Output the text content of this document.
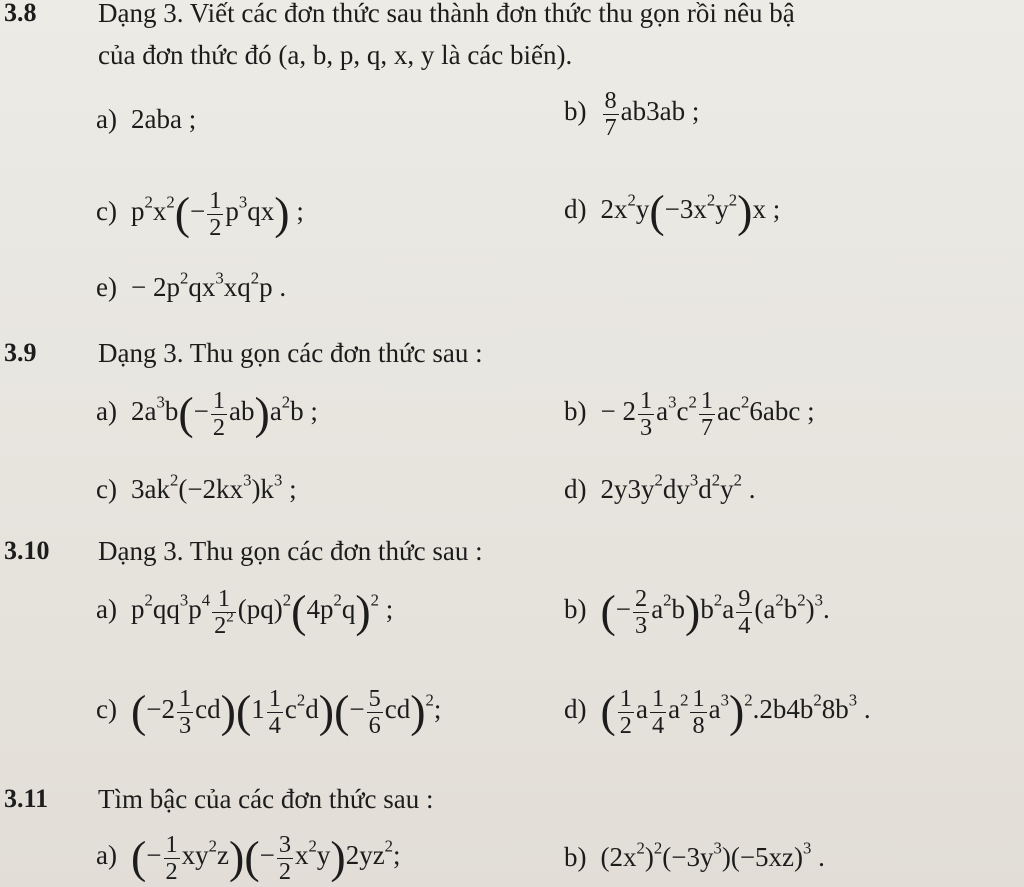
3.8 Dạng 3. Viết các đơn thức sau thành đơn thức thu gọn rồi nêu bậ
của đơn thức đó (a, b, p, q, x, y là các biến).
a) 2aba ;	$b) \frac{8}{7} ab3ab$ ;
c) $p^2x^2(- \frac{1}{2} p^3qx)$ ;	d) $2x^2y(-3x^2y^2)x$ ;
$e) - 2p^2qx^3xq^2p$ .
3.9 Dạng 3. Thu gọn các đơn thức sau :
a) $2a^3b(- \frac{1}{2} ab)a^2b$ ;	$b) - 2 \frac{1}{3} a^3c^2 \frac{1}{7} ac^26abc$ ;
c) $3ak^2(-2kx^3)k^3$ ;	d) $2y3y^2dy^3d^2y^2$ .
3.10 Dạng 3. Thu gọn các đơn thức sau :
a) $p^2qq^3p^4 \frac{1}{2^2} (pq)^2(4p^2q)^2$ ;	b) (− $\frac{2}{3} a^2b)b^2a \frac{9}{4} (a^2b^2)^3$.
c) $(-2 \frac{1}{3} cd)(1 \frac{1}{4} c^2d)(- \frac{5}{6} cd)^2$;	d) ( $\frac{1}{2}$ a $\frac{1}{4} a^2 \frac{1}{8} a^3)^2.2b4b^28b^3$ .
3.11 Tìm bậc của các đơn thức sau :
a) (− $\frac{1}{2} xy^2z)(- \frac{3}{2} x^2y)2yz^2$;	b) $(2x^2)^2(-3y^3)(-5xz)^3$ .
